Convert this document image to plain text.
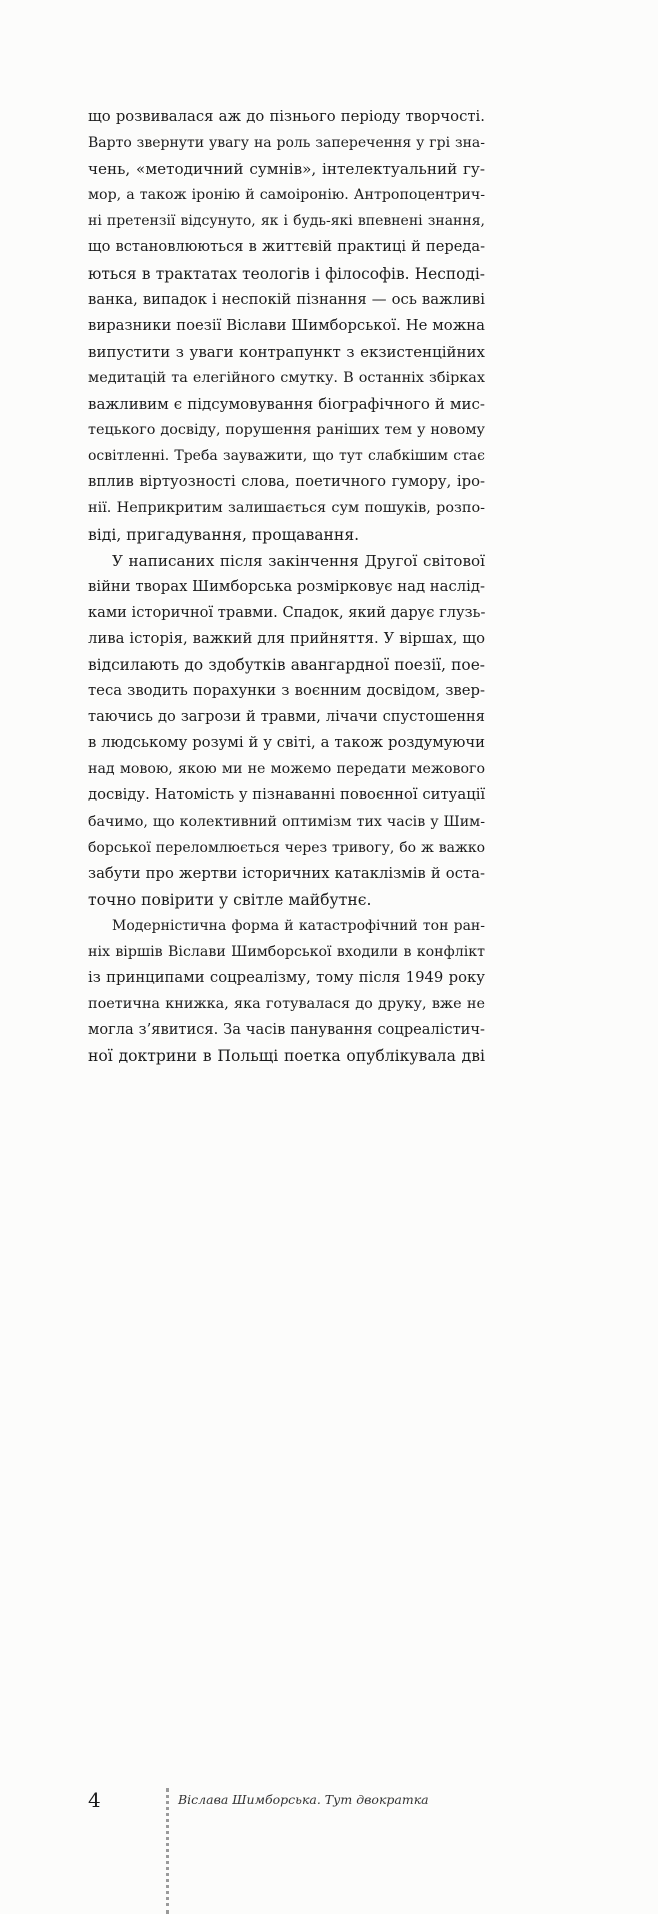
що розвивалася аж до пізнього періоду творчості.
Варто звернути увагу на роль заперечення у грі зна-
чень, «методичний сумнів», інтелектуальний гу-
мор, а також іронію й самоіронію. Антропоцентрич-
ні претензії відсунуто, як і будь-які впевнені знання,
що встановлюються в життєвій практиці й переда-
ються в трактатах теологів і філософів. Несподі-
ванка, випадок і неспокій пізнання — ось важливі
виразники поезії Віслави Шимборської. Не можна
випустити з уваги контрапункт з екзистенційних
медитацій та елегійного смутку. В останніх збірках
важливим є підсумовування біографічного й мис-
тецького досвіду, порушення раніших тем у новому
освітленні. Треба зауважити, що тут слабкішим стає
вплив віртуозності слова, поетичного гумору, іро-
нії. Неприкритим залишається сум пошуків, розпо-
віді, пригадування, прощавання.
У написаних після закінчення Другої світової
війни творах Шимборська розмірковує над наслід-
ками історичної травми. Спадок, який дарує глузь-
лива історія, важкий для прийняття. У віршах, що
відсилають до здобутків авангардної поезії, пое-
теса зводить порахунки з воєнним досвідом, звер-
таючись до загрози й травми, лічачи спустошення
в людському розумі й у світі, а також роздумуючи
над мовою, якою ми не можемо передати межового
досвіду. Натомість у пізнаванні повоєнної ситуації
бачимо, що колективний оптимізм тих часів у Шим-
борської переломлюється через тривогу, бо ж важко
забути про жертви історичних катаклізмів й оста-
точно повірити у світле майбутнє.
Модерністична форма й катастрофічний тон ран-
ніх віршів Віслави Шимборської входили в конфлікт
із принципами соцреалізму, тому після 1949 року
поетична книжка, яка готувалася до друку, вже не
могла з’явитися. За часів панування соцреалістич-
ної доктрини в Польщі поетка опублікувала дві
4	Віслава Шимборська. Тут двократка
